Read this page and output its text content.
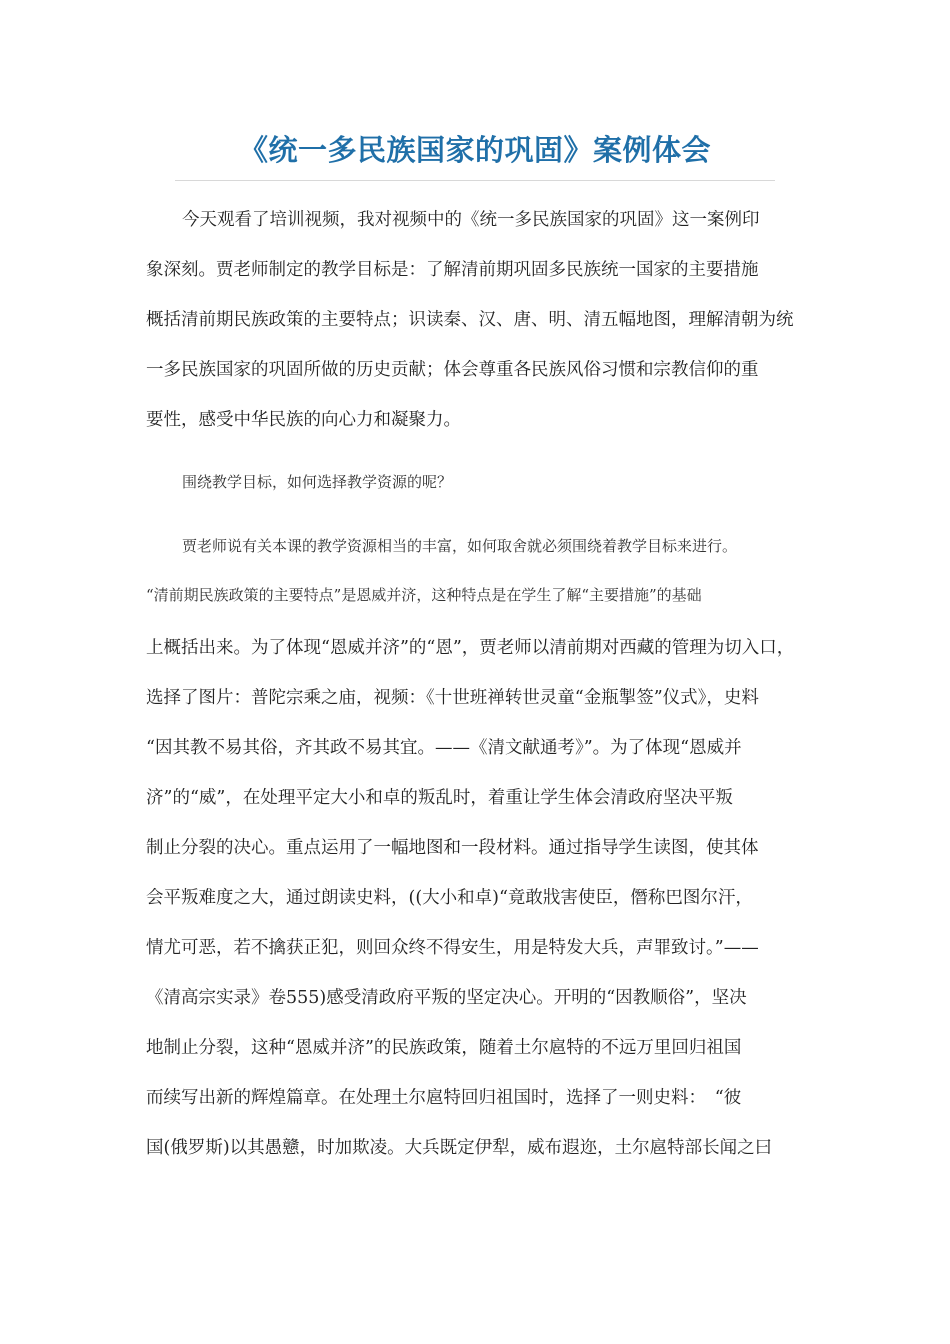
《统一多民族国家的巩固》案例体会

今天观看了培训视频，我对视频中的《统一多民族国家的巩固》这一案例印

象深刻。贾老师制定的教学目标是：了解清前期巩固多民族统一国家的主要措施

概括清前期民族政策的主要特点；识读秦、汉、唐、明、清五幅地图，理解清朝为统

一多民族国家的巩固所做的历史贡献；体会尊重各民族风俗习惯和宗教信仰的重

要性，感受中华民族的向心力和凝聚力。

围绕教学目标，如何选择教学资源的呢？

贾老师说有关本课的教学资源相当的丰富，如何取舍就必须围绕着教学目标来进行。

“清前期民族政策的主要特点”是恩威并济，这种特点是在学生了解“主要措施”的基础

上概括出来。为了体现“恩威并济”的“恩”，贾老师以清前期对西藏的管理为切入口，

选择了图片：普陀宗乘之庙，视频：《十世班禅转世灵童“金瓶掣签”仪式》，史料

“因其教不易其俗，齐其政不易其宜。——《清文献通考》”。为了体现“恩威并

济”的“威”，在处理平定大小和卓的叛乱时，着重让学生体会清政府坚决平叛

制止分裂的决心。重点运用了一幅地图和一段材料。通过指导学生读图，使其体

会平叛难度之大，通过朗读史料，((大小和卓)“竟敢戕害使臣，僭称巴图尔汗，

情尤可恶，若不擒获正犯，则回众终不得安生，用是特发大兵，声罪致讨。”——

《清高宗实录》卷555)感受清政府平叛的坚定决心。开明的“因教顺俗”，坚决

地制止分裂，这种“恩威并济”的民族政策，随着土尔扈特的不远万里回归祖国

而续写出新的辉煌篇章。在处理土尔扈特回归祖国时，选择了一则史料：　“彼

国(俄罗斯)以其愚戆，时加欺凌。大兵既定伊犁，威布遐迩，土尔扈特部长闻之曰
